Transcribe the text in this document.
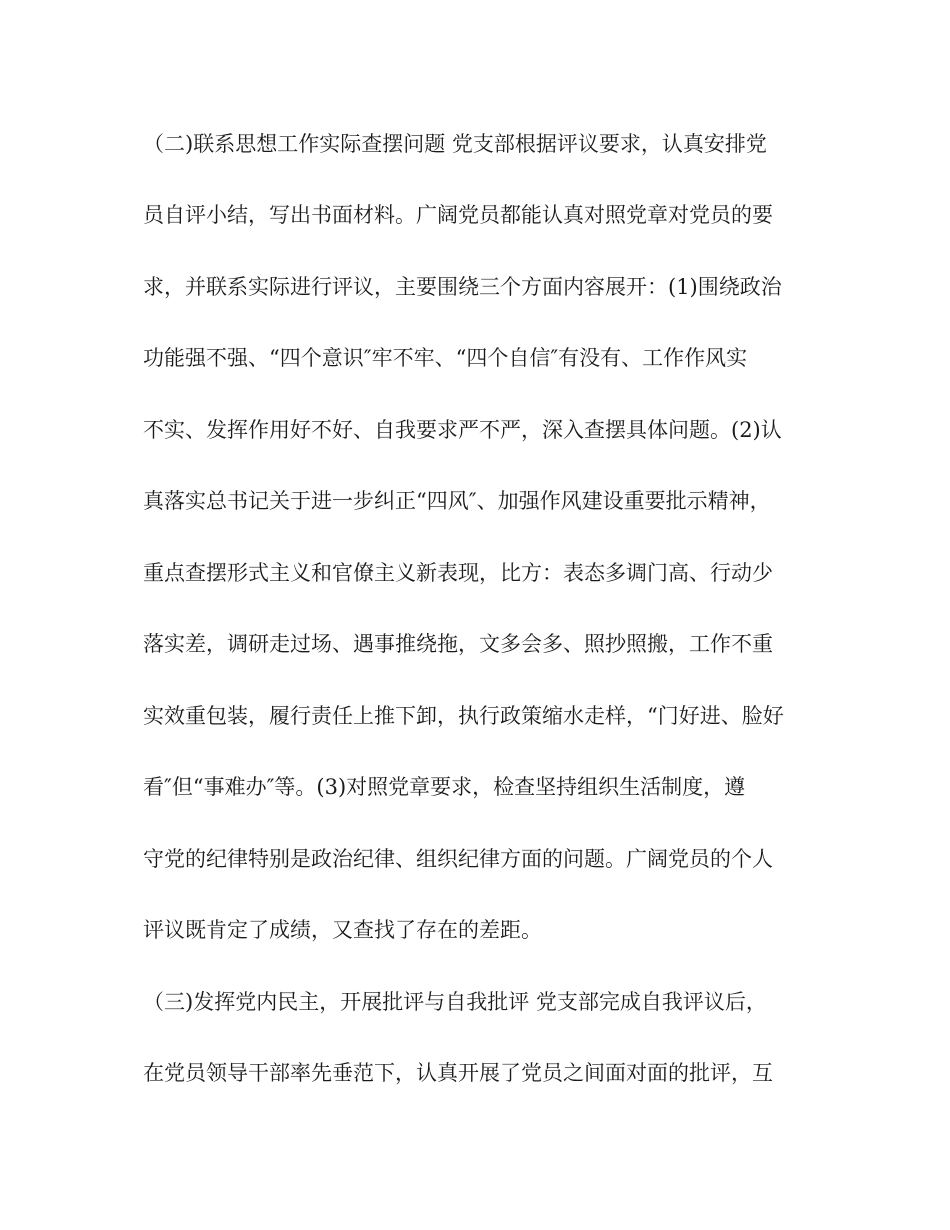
（二)联系思想工作实际查摆问题 党支部根据评议要求，认真安排党
员自评小结，写出书面材料。广阔党员都能认真对照党章对党员的要
求，并联系实际进行评议，主要围绕三个方面内容展开：(1)围绕政治
功能强不强、“四个意识″牢不牢、“四个自信″有没有、工作作风实
不实、发挥作用好不好、自我要求严不严，深入查摆具体问题。(2)认
真落实总书记关于进一步纠正“四风″、加强作风建设重要批示精神，
重点查摆形式主义和官僚主义新表现，比方：表态多调门高、行动少
落实差，调研走过场、遇事推绕拖，文多会多、照抄照搬，工作不重
实效重包装，履行责任上推下卸，执行政策缩水走样，“门好进、脸好
看″但“事难办″等。(3)对照党章要求，检查坚持组织生活制度，遵
守党的纪律特别是政治纪律、组织纪律方面的问题。广阔党员的个人
评议既肯定了成绩，又查找了存在的差距。
（三)发挥党内民主，开展批评与自我批评 党支部完成自我评议后，
在党员领导干部率先垂范下，认真开展了党员之间面对面的批评，互
